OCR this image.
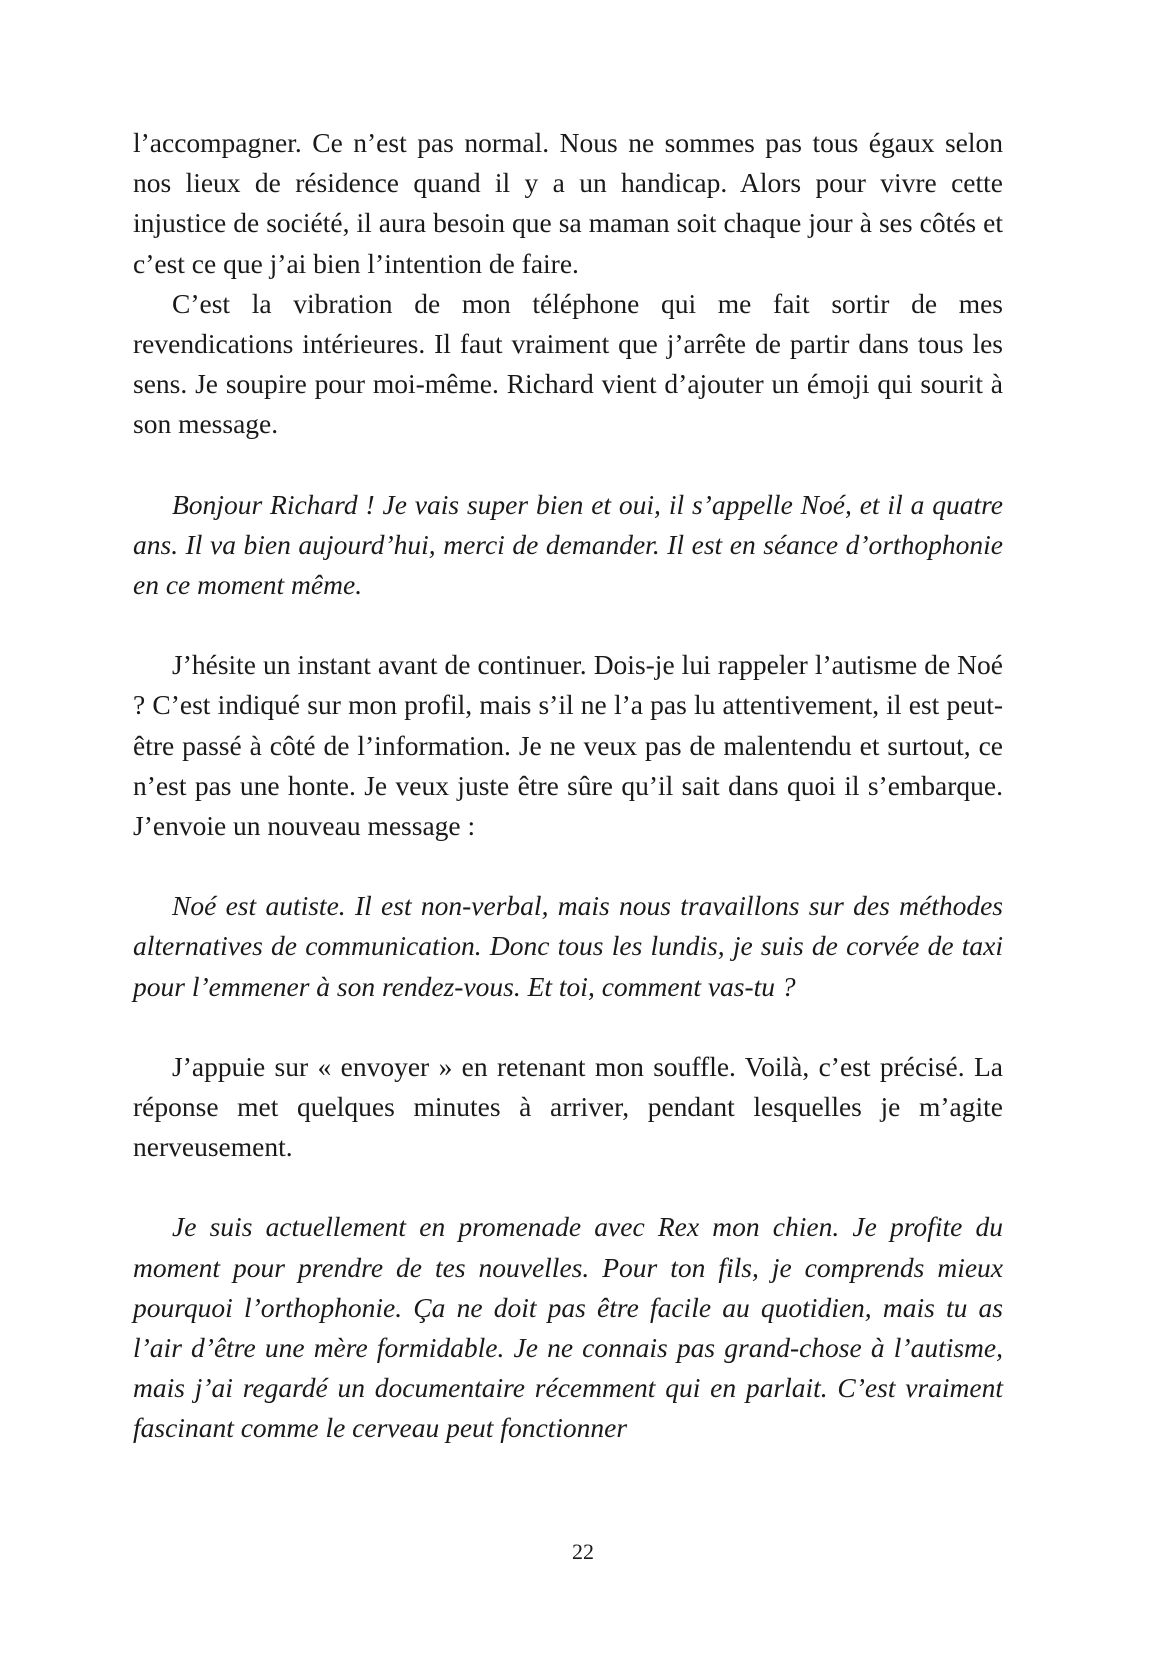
l’accompagner. Ce n’est pas normal. Nous ne sommes pas tous égaux selon nos lieux de résidence quand il y a un handicap. Alors pour vivre cette injustice de société, il aura besoin que sa maman soit chaque jour à ses côtés et c’est ce que j’ai bien l’intention de faire.

C’est la vibration de mon téléphone qui me fait sortir de mes revendications intérieures. Il faut vraiment que j’arrête de partir dans tous les sens. Je soupire pour moi-même. Richard vient d’ajouter un émoji qui sourit à son message.

Bonjour Richard ! Je vais super bien et oui, il s’appelle Noé, et il a quatre ans. Il va bien aujourd’hui, merci de demander. Il est en séance d’orthophonie en ce moment même.

J’hésite un instant avant de continuer. Dois-je lui rappeler l’autisme de Noé ? C’est indiqué sur mon profil, mais s’il ne l’a pas lu attentivement, il est peut-être passé à côté de l’information. Je ne veux pas de malentendu et surtout, ce n’est pas une honte. Je veux juste être sûre qu’il sait dans quoi il s’embarque. J’envoie un nouveau message :

Noé est autiste. Il est non-verbal, mais nous travaillons sur des méthodes alternatives de communication. Donc tous les lundis, je suis de corvée de taxi pour l’emmener à son rendez-vous. Et toi, comment vas-tu ?

J’appuie sur « envoyer » en retenant mon souffle. Voilà, c’est précisé. La réponse met quelques minutes à arriver, pendant lesquelles je m’agite nerveusement.

Je suis actuellement en promenade avec Rex mon chien. Je profite du moment pour prendre de tes nouvelles. Pour ton fils, je comprends mieux pourquoi l’orthophonie. Ça ne doit pas être facile au quotidien, mais tu as l’air d’être une mère formidable. Je ne connais pas grand-chose à l’autisme, mais j’ai regardé un documentaire récemment qui en parlait. C’est vraiment fascinant comme le cerveau peut fonctionner

22
